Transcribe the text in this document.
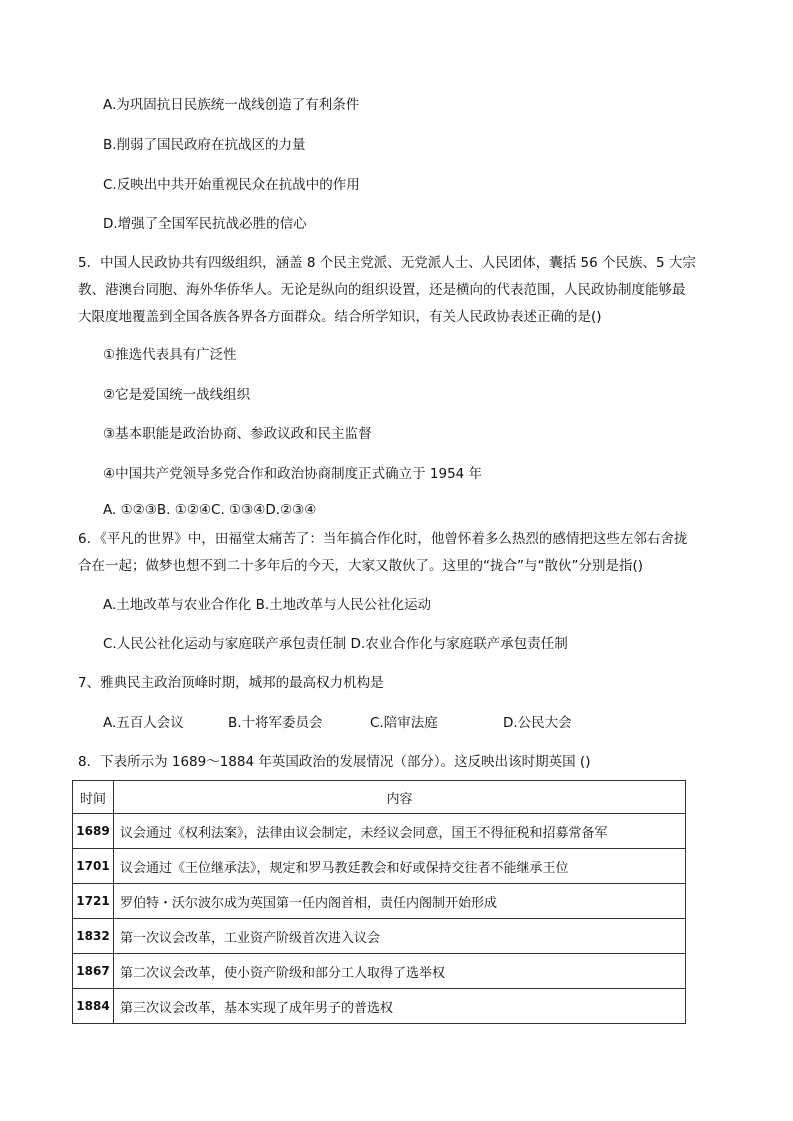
A.为巩固抗日民族统一战线创造了有利条件
B.削弱了国民政府在抗战区的力量
C.反映出中共开始重视民众在抗战中的作用
D.增强了全国军民抗战必胜的信心
5．中国人民政协共有四级组织，涵盖 8 个民主党派、无党派人士、人民团体，囊括 56 个民族、5 大宗
教、港澳台同胞、海外华侨华人。无论是纵向的组织设置，还是横向的代表范围，人民政协制度能够最
大限度地覆盖到全国各族各界各方面群众。结合所学知识，有关人民政协表述正确的是()
①推选代表具有广泛性
②它是爱国统一战线组织
③基本职能是政治协商、参政议政和民主监督
④中国共产党领导多党合作和政治协商制度正式确立于 1954 年
A. ①②③B. ①②④C. ①③④D.②③④
6．《平凡的世界》中，田福堂太痛苦了：当年搞合作化时，他曾怀着多么热烈的感情把这些左邻右舍拢
合在一起；做梦也想不到二十多年后的今天，大家又散伙了。这里的“拢合”与“散伙”分别是指()
A.土地改革与农业合作化 B.土地改革与人民公社化运动
C.人民公社化运动与家庭联产承包责任制 D.农业合作化与家庭联产承包责任制
7、雅典民主政治顶峰时期，城邦的最高权力机构是
A.五百人会议	B.十将军委员会	C.陪审法庭	D.公民大会
8．下表所示为 1689～1884 年英国政治的发展情况（部分）。这反映出该时期英国 ()
时间	内容
1689	议会通过《权利法案》，法律由议会制定，未经议会同意，国王不得征税和招募常备军
1701	议会通过《王位继承法》，规定和罗马教廷教会和好或保持交往者不能继承王位
1721	罗伯特・沃尔波尔成为英国第一任内阁首相，责任内阁制开始形成
1832	第一次议会改革，工业资产阶级首次进入议会
1867	第二次议会改革，使小资产阶级和部分工人取得了选举权
1884	第三次议会改革，基本实现了成年男子的普选权
